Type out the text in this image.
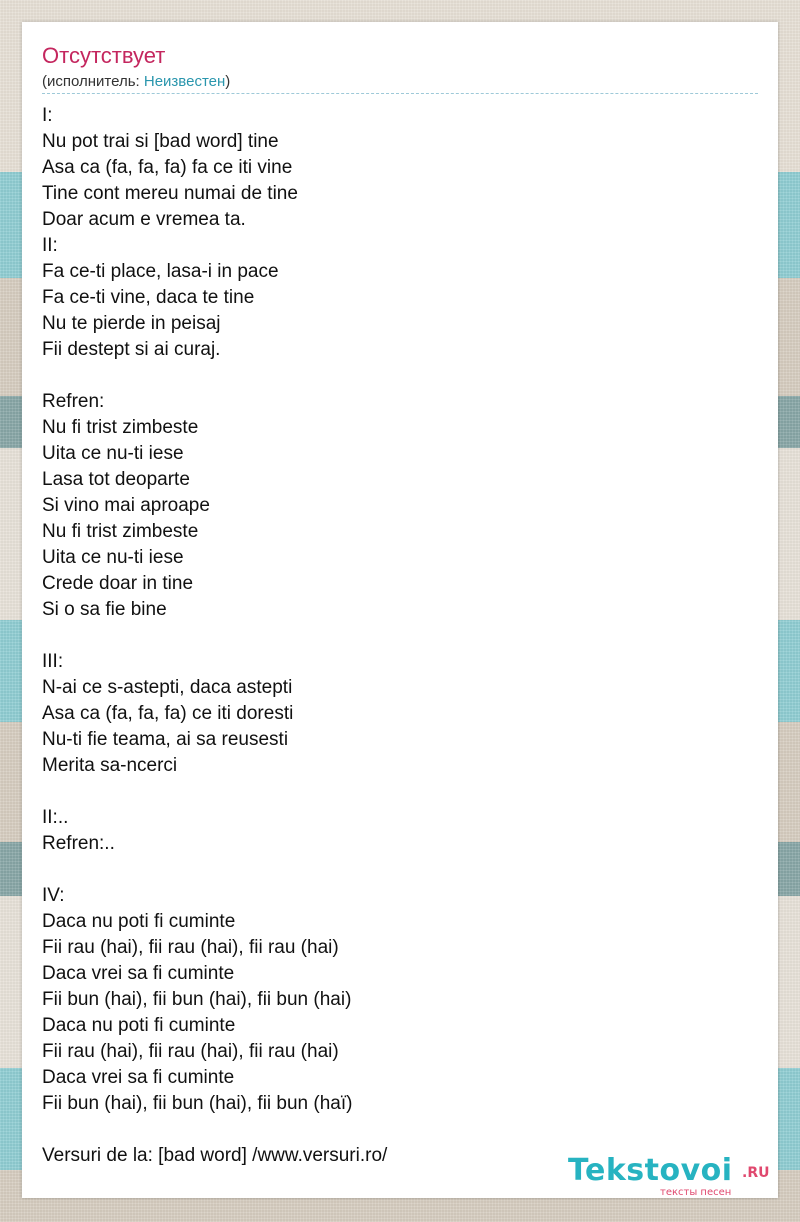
Отсутствует
(исполнитель: Неизвестен)
I:
Nu pot trai si [bad word] tine
Asa ca (fa, fa, fa) fa ce iti vine
Tine cont mereu numai de tine
Doar acum e vremea ta.
II:
Fa ce-ti place, lasa-i in pace
Fa ce-ti vine, daca te tine
Nu te pierde in peisaj
Fii destept si ai curaj.
Refren:
Nu fi trist zimbeste
Uita ce nu-ti iese
Lasa tot deoparte
Si vino mai aproape
Nu fi trist zimbeste
Uita ce nu-ti iese
Crede doar in tine
Si o sa fie bine
III:
N-ai ce s-astepti, daca astepti
Asa ca (fa, fa, fa) ce iti doresti
Nu-ti fie teama, ai sa reusesti
Merita sa-ncerci
II:..
Refren:..
IV:
Daca nu poti fi cuminte
Fii rau (hai), fii rau (hai), fii rau (hai)
Daca vrei sa fi cuminte
Fii bun (hai), fii bun (hai), fii bun (hai)
Daca nu poti fi cuminte
Fii rau (hai), fii rau (hai), fii rau (hai)
Daca vrei sa fi cuminte
Fii bun (hai), fii bun (hai), fii bun (haï)
Versuri de la: [bad word] /www.versuri.ro/	Tekstovoi .RU
тексты песен
